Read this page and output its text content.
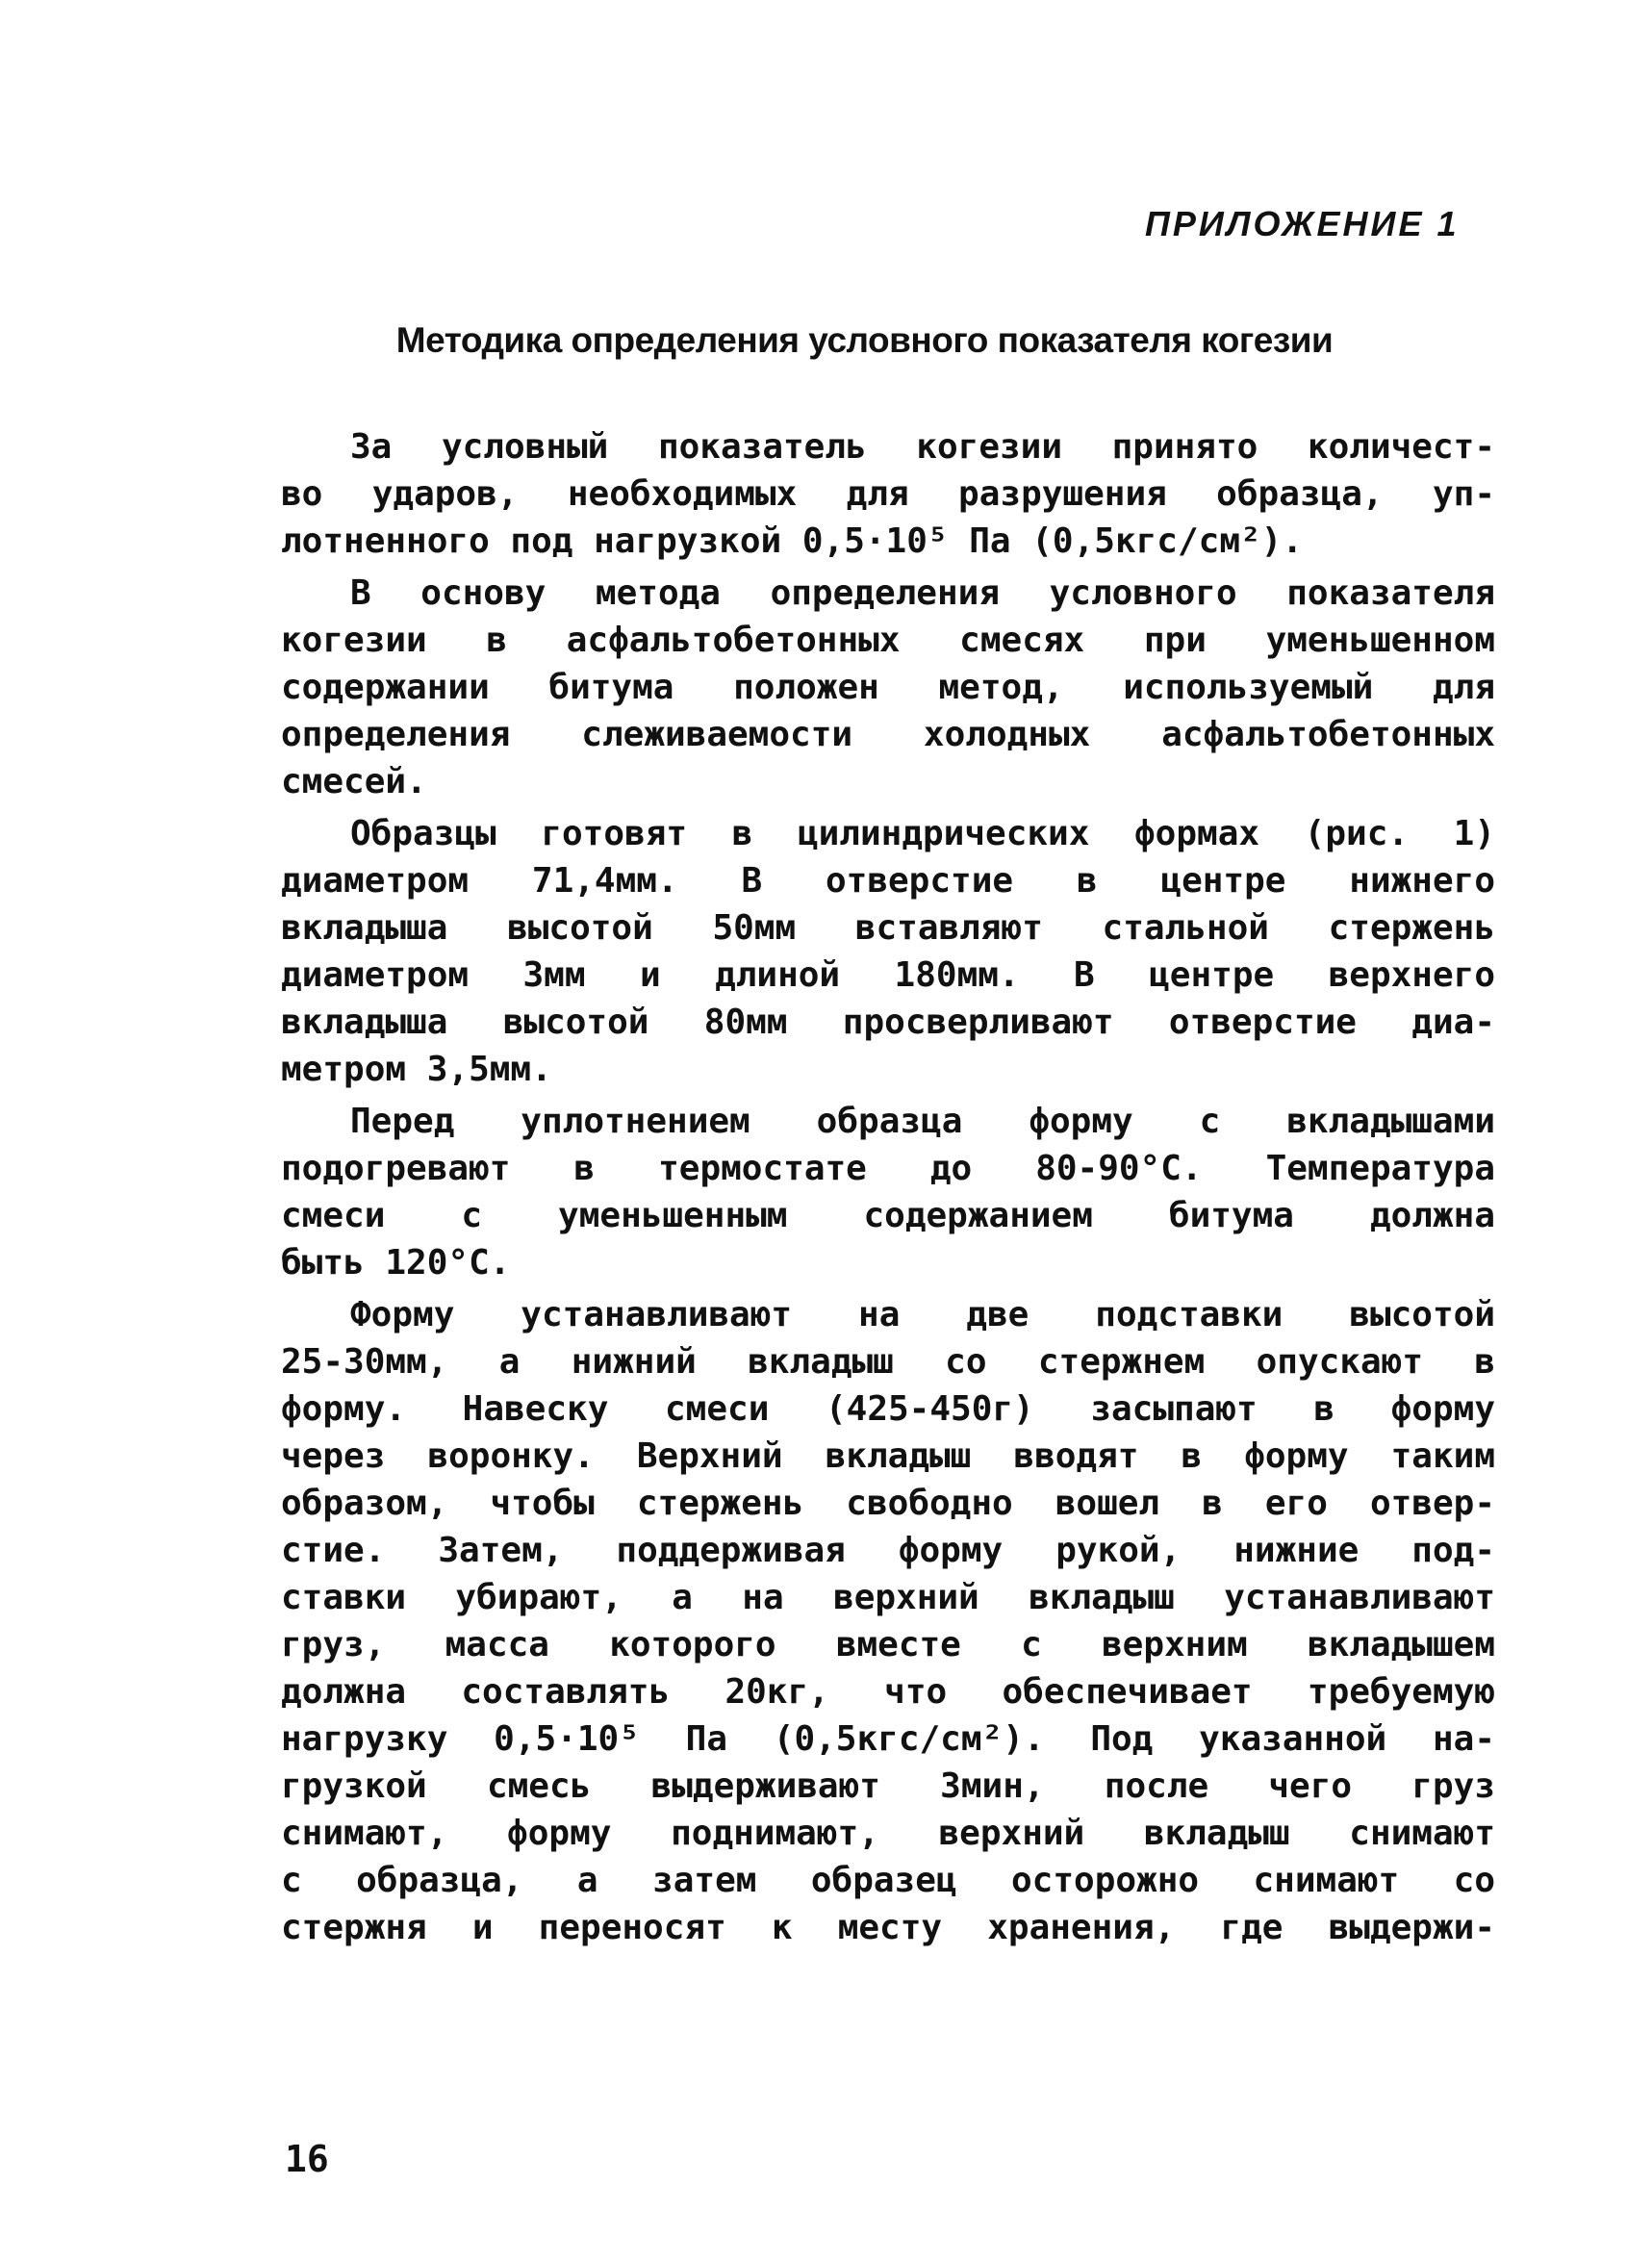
ПРИЛОЖЕНИЕ 1
Методика определения условного показателя когезии
За условный показатель когезии принято количест-
во ударов, необходимых для разрушения образца, уп-
лотненного под нагрузкой 0,5·10⁵ Па (0,5кгс/см²).
В основу метода определения условного показателя
когезии в асфальтобетонных смесях при уменьшенном
содержании битума положен метод, используемый для
определения слеживаемости холодных асфальтобетонных
смесей.
Образцы готовят в цилиндрических формах (рис. 1)
диаметром 71,4мм. В отверстие в центре нижнего
вкладыша высотой 50мм вставляют стальной стержень
диаметром 3мм и длиной 180мм. В центре верхнего
вкладыша высотой 80мм просверливают отверстие диа-
метром 3,5мм.
Перед уплотнением образца форму с вкладышами
подогревают в термостате до 80-90°С. Температура
смеси с уменьшенным содержанием битума должна
быть 120°С.
Форму устанавливают на две подставки высотой
25-30мм, а нижний вкладыш со стержнем опускают в
форму. Навеску смеси (425-450г) засыпают в форму
через воронку. Верхний вкладыш вводят в форму таким
образом, чтобы стержень свободно вошел в его отвер-
стие. Затем, поддерживая форму рукой, нижние под-
ставки убирают, а на верхний вкладыш устанавливают
груз, масса которого вместе с верхним вкладышем
должна составлять 20кг, что обеспечивает требуемую
нагрузку 0,5·10⁵ Па (0,5кгс/см²). Под указанной на-
грузкой смесь выдерживают 3мин, после чего груз
снимают, форму поднимают, верхний вкладыш снимают
с образца, а затем образец осторожно снимают со
стержня и переносят к месту хранения, где выдержи-
16
